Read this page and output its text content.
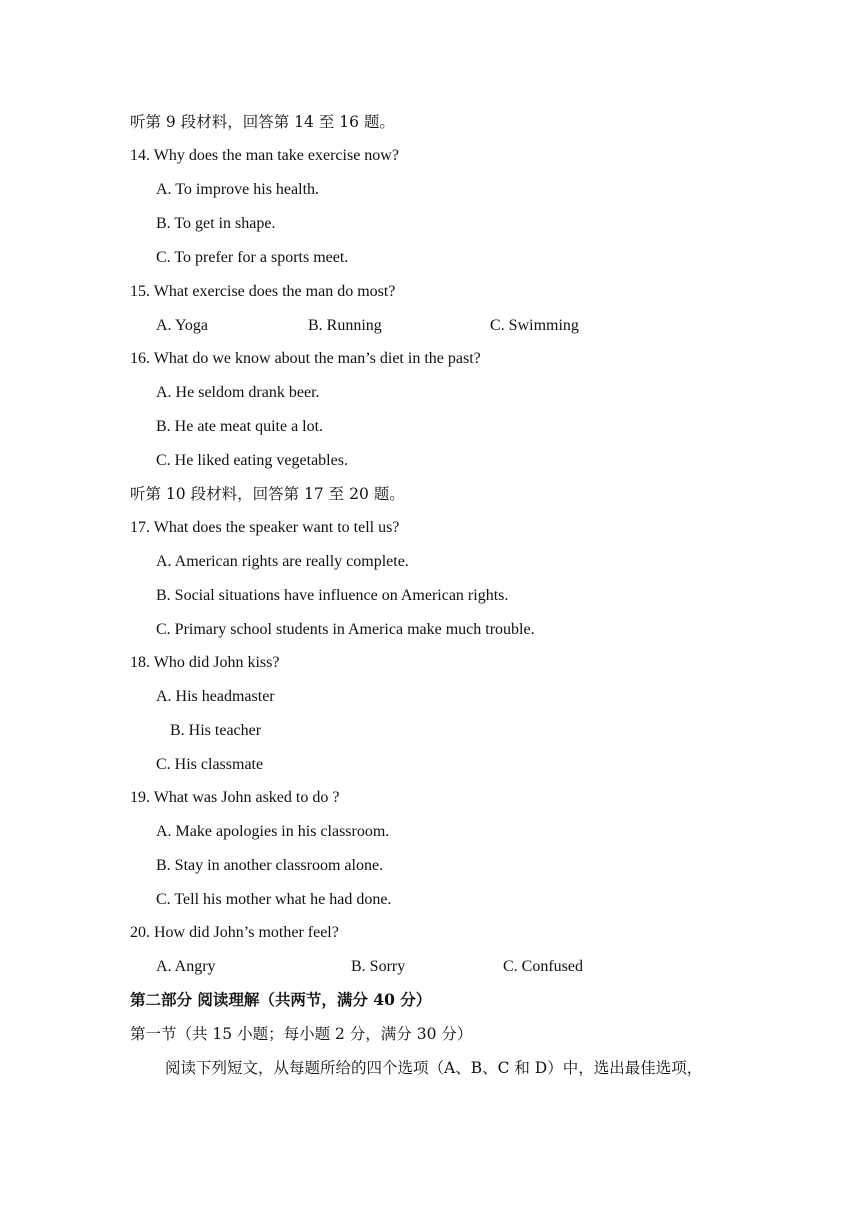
听第 9 段材料，回答第 14 至 16 题。
14. Why does the man take exercise now?
A. To improve his health.
B. To get in shape.
C. To prefer for a sports meet.
15. What exercise does the man do most?
A. Yoga	B. Running	C. Swimming
16. What do we know about the man’s diet in the past?
A. He seldom drank beer.
B. He ate meat quite a lot.
C. He liked eating vegetables.
听第 10 段材料，回答第 17 至 20 题。
17. What does the speaker want to tell us?
A. American rights are really complete.
B. Social situations have influence on American rights.
C. Primary school students in America make much trouble.
18. Who did John kiss?
A. His headmaster
B. His teacher
C. His classmate
19. What was John asked to do ?
A. Make apologies in his classroom.
B. Stay in another classroom alone.
C. Tell his mother what he had done.
20. How did John’s mother feel?
A. Angry	B. Sorry	C. Confused
第二部分 阅读理解（共两节，满分 40 分）
第一节（共 15 小题；每小题 2 分，满分 30 分）
阅读下列短文，从每题所给的四个选项（A、B、C 和 D）中，选出最佳选项，
